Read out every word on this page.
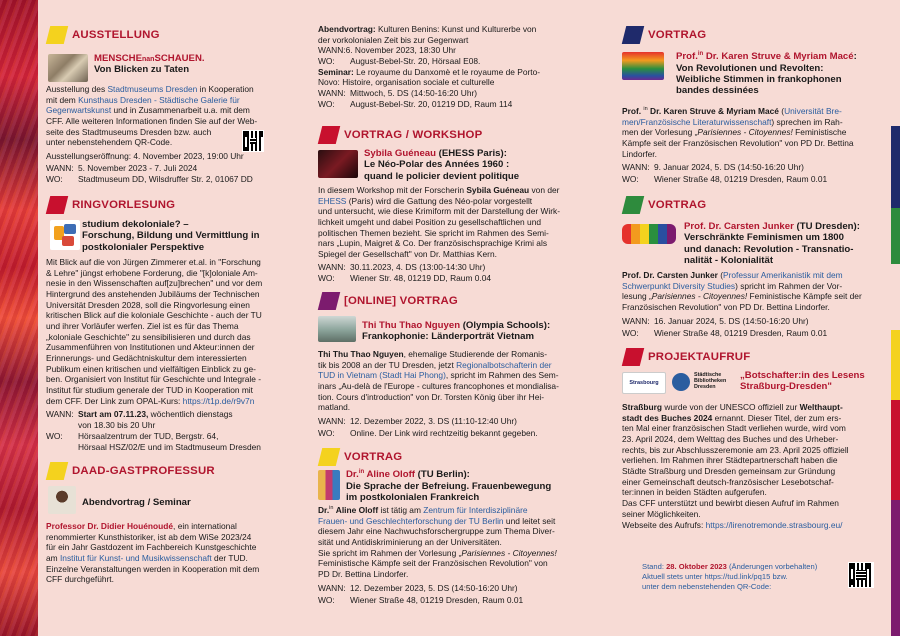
AUSSTELLUNG
MENSCHEnanSCHAUEN.
Von Blicken zu Taten
Ausstellung des Stadtmuseums Dresden in Kooperation
mit dem Kunsthaus Dresden - Städtische Galerie für
Gegenwartskunst und in Zusammenarbeit u.a. mit dem
CFF. Alle weiteren Informationen finden Sie auf der Web-
seite des Stadtmuseums Dresden bzw. auch
unter nebenstehendem QR-Code.
Ausstellungseröffnung: 4. November 2023, 19:00 Uhr
WANN: 5. November 2023 - 7. Juli 2024
WO: Stadtmuseum DD, Wilsdruffer Str. 2, 01067 DD
RINGVORLESUNG
studium dekoloniale? –
Forschung, Bildung und Vermittlung in
postkolonialer Perspektive
Mit Blick auf die von Jürgen Zimmerer et.al. in "Forschung
& Lehre" jüngst erhobene Forderung, die "[k]oloniale Am-
nesie in den Wissenschaften auf[zu]brechen" und vor dem
Hintergrund des anstehenden Jubiläums der Technischen
Universität Dresden 2028, soll die Ringvorlesung einen
kritischen Blick auf die koloniale Geschichte - auch der TU
und ihrer Vorläufer werfen. Ziel ist es für das Thema
„koloniale Geschichte" zu sensibilisieren und durch das
Zusammenführen von Institutionen und Akteur:innen der
Erinnerungs- und Gedächtniskultur dem interessierten
Publikum einen kritischen und vielfältigen Einblick zu ge-
ben. Organisiert von Institut für Geschichte und Integrale -
Institut für studium generale der TUD in Kooperation mit
dem CFF. Der Link zum OPAL-Kurs: https://t1p.de/r9v7n
WANN: Start am 07.11.23, wöchentlich dienstags
von 18.30 bis 20 Uhr
WO: Hörsaalzentrum der TUD, Bergstr. 64,
Hörsaal HSZ/02/E und im Stadtmuseum Dresden
DAAD-GASTPROFESSUR
Abendvortrag / Seminar
Professor Dr. Didier Houénoudé, ein international
renommierter Kunsthistoriker, ist ab dem WiSe 2023/24
für ein Jahr Gastdozent im Fachbereich Kunstgeschichte
am Institut für Kunst- und Musikwissenschaft der TUD.
Einzelne Veranstaltungen werden in Kooperation mit dem
CFF durchgeführt.
Abendvortrag: Kulturen Benins: Kunst und Kulturerbe von
der vorkolonialen Zeit bis zur Gegenwart
WANN:6. November 2023, 18:30 Uhr
WO: August-Bebel-Str. 20, Hörsaal E08.

Seminar: Le royaume du Danxomè et le royaume de Porto-
Novo: Histoire, organisation sociale et culturelle
WANN: Mittwoch, 5. DS (14:50-16:20 Uhr)

WO: August-Bebel-Str. 20, 01219 DD, Raum 114
VORTRAG / WORKSHOP
Sybila Guéneau (EHESS Paris):
Le Néo-Polar des Années 1960 :
quand le policier devient politique
In diesem Workshop mit der Forscherin Sybila Guéneau von der
EHESS (Paris) wird die Gattung des Néo-polar vorgestellt
und untersucht, wie diese Krimiform mit der Darstellung der Wirk-
lichkeit umgeht und dabei Position zu gesellschaftlichen und
politischen Themen bezieht. Sie spricht im Rahmen des Semi-
nars „Lupin, Maigret & Co. Der französischsprachige Krimi als
Spiegel der Gesellschaft" von Dr. Matthias Kern.
WANN: 30.11.2023, 4. DS (13:00-14:30 Uhr)
WO: Wiener Str. 48, 01219 DD, Raum 0.04
[ONLINE] VORTRAG
Thi Thu Thao Nguyen (Olympia Schools):
Frankophonie: Länderporträt Vietnam
Thi Thu Thao Nguyen, ehemalige Studierende der Romanis-
tik bis 2008 an der TU Dresden, jetzt Regionalbotschafterin der
TUD in Vietnam (Stadt Hai Phong), spricht im Rahmen des Sem-
inars „Au-delà de l'Europe - cultures francophones et mondialisa-
tion. Cours d'introduction" von Dr. Torsten König über ihr Hei-
matland.
WANN: 12. Dezember 2022, 3. DS (11:10-12:40 Uhr)
WO: Online. Der Link wird rechtzeitig bekannt gegeben.
VORTRAG
Dr.$^{in}$ Aline Oloff (TU Berlin):
Die Sprache der Befreiung. Frauenbewegung
im postkolonialen Frankreich
Dr.$^{in}$ Aline Oloff ist tätig am Zentrum für Interdisziplinäre
Frauen- und Geschlechterforschung der TU Berlin und leitet seit
diesem Jahr eine Nachwuchsforschergruppe zum Thema Diver-
sität und Antidiskriminierung an der Universitäten.
Sie spricht im Rahmen der Vorlesung „Parisiennes - Citoyennes!
Feministische Kämpfe seit der Französischen Revolution" von
PD Dr. Bettina Lindorfer.
WANN: 12. Dezember 2023, 5. DS (14:50-16:20 Uhr)
WO: Wiener Straße 48, 01219 Dresden, Raum 0.01
VORTRAG
Prof.$^{in}$ Dr. Karen Struve & Myriam Macé:
Von Revolutionen und Revolten:
Weibliche Stimmen in frankophonen
bandes dessinées
Prof. $^{in}$ Dr. Karen Struve & Myriam Macé (Universität Bre-
men/Französische Literaturwissenschaft) sprechen im Rah-
men der Vorlesung „Parisiennes - Citoyennes! Feministische
Kämpfe seit der Französischen Revolution" von PD Dr. Bettina
Lindorfer.
WANN: 9. Januar 2024, 5. DS (14:50-16:20 Uhr)
WO: Wiener Straße 48, 01219 Dresden, Raum 0.01
VORTRAG
Prof. Dr. Carsten Junker (TU Dresden):
Verschränkte Feminismen um 1800
und danach: Revolution - Transnatio-
nalität - Kolonialität
Prof. Dr. Carsten Junker (Professur Amerikanistik mit dem
Schwerpunkt Diversity Studies) spricht im Rahmen der Vor-
lesung „Parisiennes - Citoyennes! Feministische Kämpfe seit der
Französischen Revolution" von PD Dr. Bettina Lindorfer.
WANN: 16. Januar 2024, 5. DS (14:50-16:20 Uhr)
WO: Wiener Straße 48, 01219 Dresden, Raum 0.01
PROJEKTAUFRUF
Strasbourg
Städtische
Bibliotheken
Dresden
„Botschafter:in des Lesens
Straßburg-Dresden"
Straßburg wurde von der UNESCO offiziell zur Welthaupt-
stadt des Buches 2024 ernannt. Dieser Titel, der zum ers-
ten Mal einer französischen Stadt verliehen wurde, wird vom
23. April 2024, dem Welttag des Buches und des Urheber-
rechts, bis zur Abschlusszeremonie am 23. April 2025 offiziell
verliehen. Im Rahmen ihrer Städtepartnerschaft haben die
Städte Straßburg und Dresden gemeinsam zur Gründung
einer Gemeinschaft deutsch-französischer Lesebotschaf-
ter:innen in beiden Städten aufgerufen.
Das CFF unterstützt und bewirbt diesen Aufruf im Rahmen
seiner Möglichkeiten.
Webseite des Aufrufs: https://lirenotremonde.strasbourg.eu/
Stand: 28. Oktober 2023 (Änderungen vorbehalten)
Aktuell stets unter https://tud.link/pq15 bzw.
unter dem nebenstehenden QR-Code:
